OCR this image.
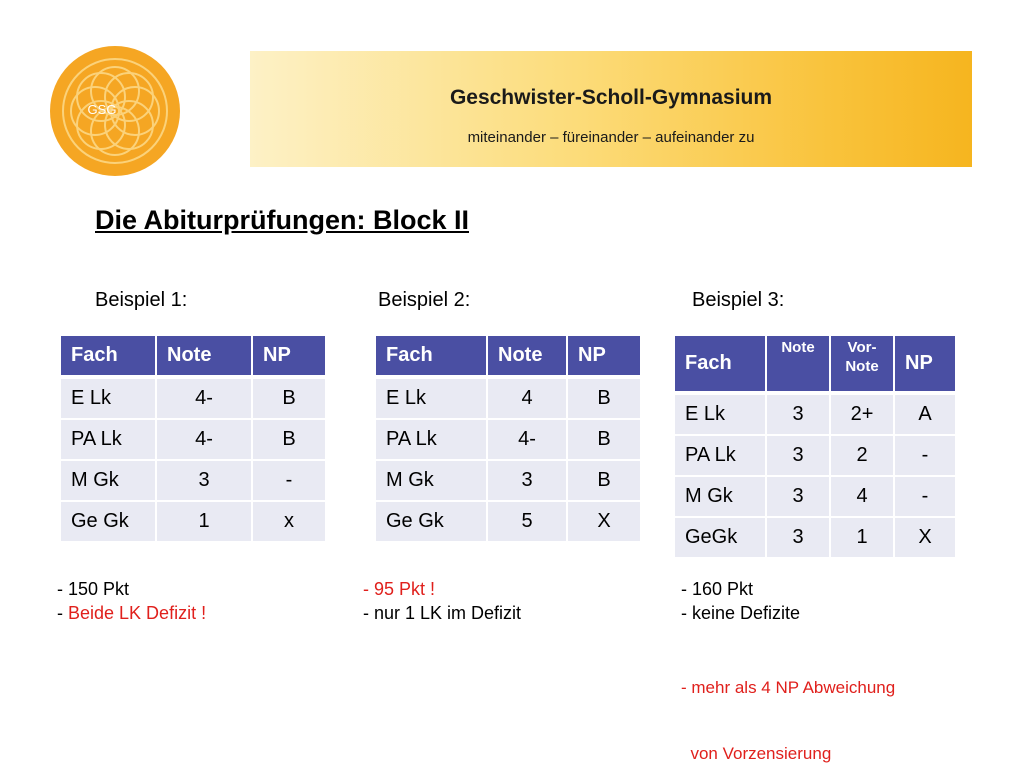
GSG
Geschwister-Scholl-Gymnasium
miteinander – füreinander – aufeinander zu
Die Abiturprüfungen: Block II
Beispiel 1:	Beispiel 2:	Beispiel 3:
Fach	Note	NP
E Lk	4-	B
PA Lk	4-	B
M Gk	3	-
Ge Gk	1	x
Fach	Note	NP
E Lk	4	B
PA Lk	4-	B
M Gk	3	B
Ge Gk	5	X
Fach	Note	Vor-Note	NP
E Lk	3	2+	A
PA Lk	3	2	-
M Gk	3	4	-
GeGk	3	1	X
- 150 Pkt
- Beide LK Defizit !
- 95 Pkt !
- nur 1 LK im Defizit
- 160 Pkt
- keine Defizite

- mehr als 4 NP Abweichung

von Vorzensierung
